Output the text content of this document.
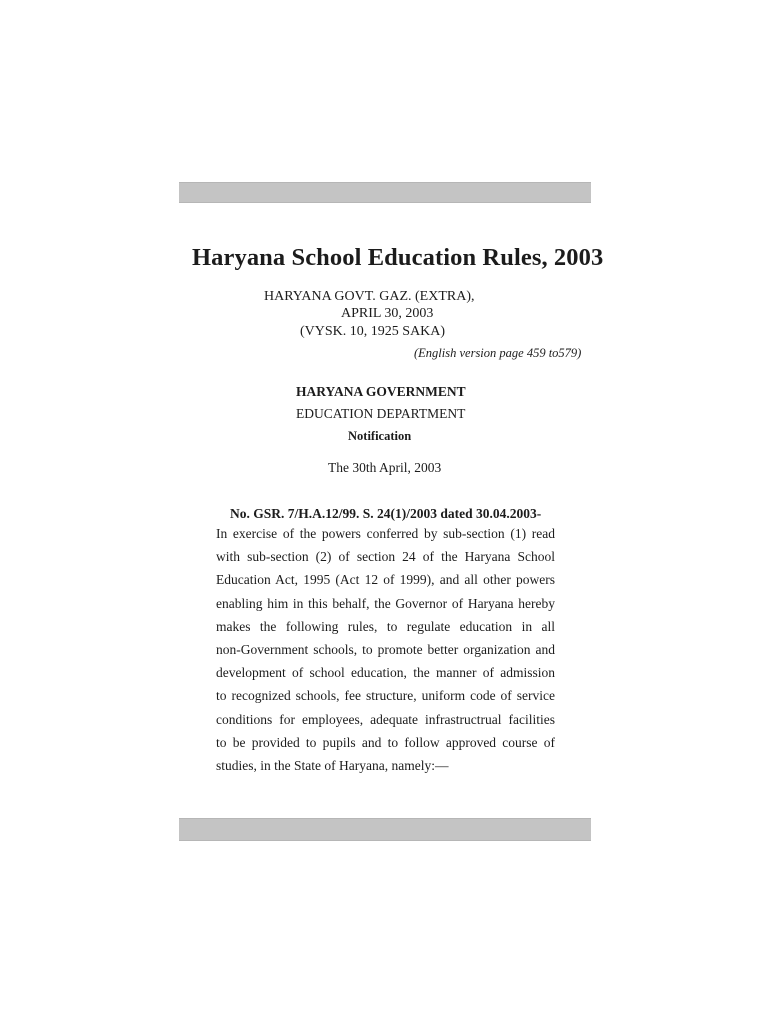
Haryana School Education Rules, 2003

HARYANA GOVT. GAZ. (EXTRA),

APRIL 30, 2003

(VYSK. 10, 1925 SAKA)

(English version page 459 to579)

HARYANA GOVERNMENT

EDUCATION DEPARTMENT

Notification

The 30th April, 2003

No. GSR. 7/H.A.12/99. S. 24(1)/2003 dated 30.04.2003-

In exercise of the powers conferred by sub-section (1) read
with sub-section (2) of section 24 of the Haryana School
Education Act, 1995 (Act 12 of 1999), and all other powers
enabling him in this behalf, the Governor of Haryana hereby
makes the following rules, to regulate education in all
non-Government schools, to promote better organization and
development of school education, the manner of admission
to recognized schools, fee structure, uniform code of service
conditions for employees, adequate infrastructrual facilities
to be provided to pupils and to follow approved course of
studies, in the State of Haryana, namely:—
